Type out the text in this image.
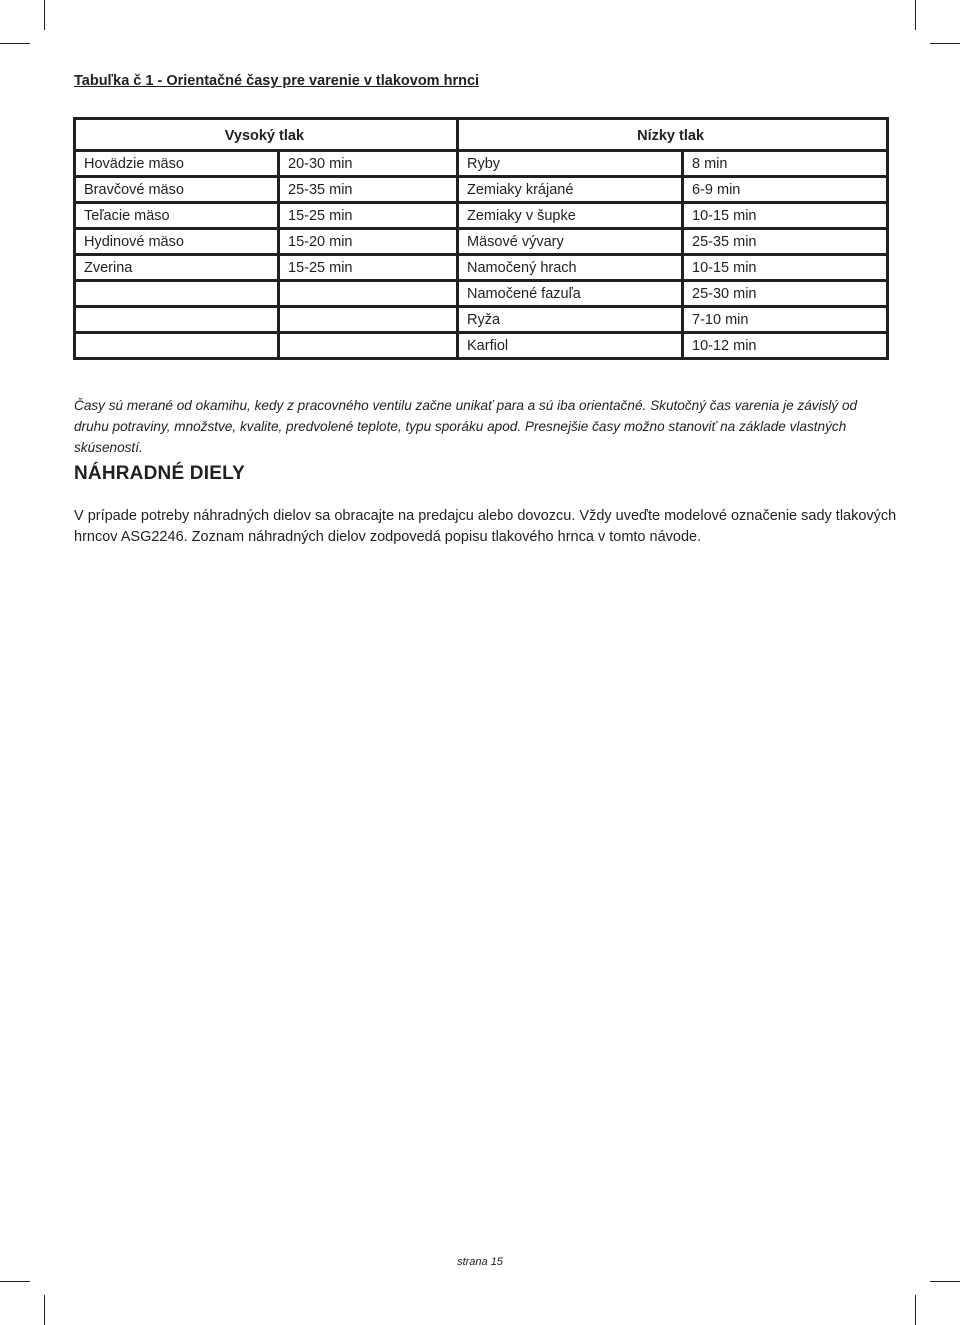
Tabuľka č 1 - Orientačné časy pre varenie v tlakovom hrnci
Vysoký tlak		Nízky tlak	
Hovädzie mäso	20-30 min	Ryby	8 min
Bravčové mäso	25-35 min	Zemiaky krájané	6-9 min
Teľacie mäso	15-25 min	Zemiaky v šupke	10-15 min
Hydinové mäso	15-20 min	Mäsové vývary	25-35 min
Zverina	15-25 min	Namočený hrach	10-15 min
		Namočené fazuľa	25-30 min
		Ryža	7-10 min
		Karfiol	10-12 min
Časy sú merané od okamihu, kedy z pracovného ventilu začne unikať para a sú iba orientačné. Skutočný čas varenia je závislý od druhu potraviny, množstve, kvalite, predvolené teplote, typu sporáku apod. Presnejšie časy možno stanoviť na základe vlastných skúseností.
NÁHRADNÉ DIELY
V prípade potreby náhradných dielov sa obracajte na predajcu alebo dovozcu. Vždy uveďte modelové označenie sady tlakových hrncov ASG2246. Zoznam náhradných dielov zodpovedá popisu tlakového hrnca v tomto návode.
strana 15
